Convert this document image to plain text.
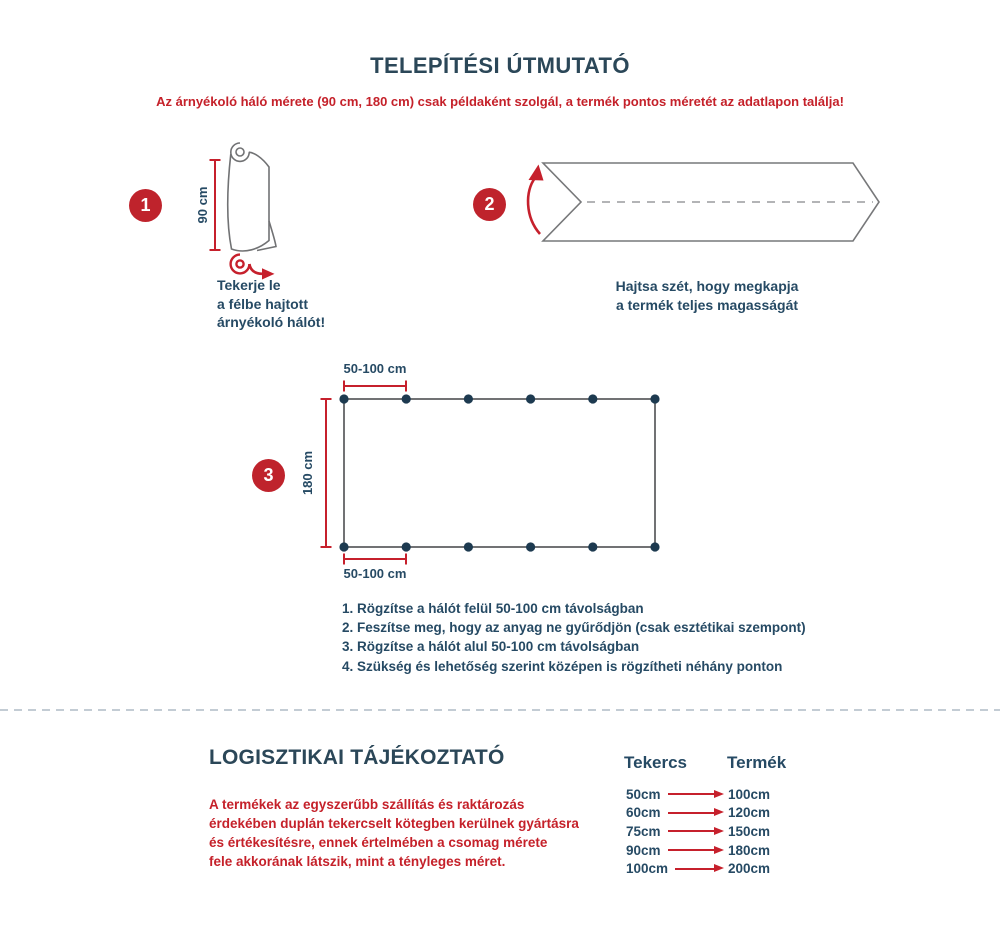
TELEPÍTÉSI ÚTMUTATÓ
Az árnyékoló háló mérete (90 cm, 180 cm) csak példaként szolgál, a termék pontos méretét az adatlapon találja!
1	90 cm
Tekerje le
a félbe hajtott
árnyékoló hálót!
2
Hajtsa szét, hogy megkapja
a termék teljes magasságát
3
50-100 cm
180 cm
50-100 cm
1. Rögzítse a hálót felül 50-100 cm távolságban
2. Feszítse meg, hogy az anyag ne gyűrődjön (csak esztétikai szempont)
3. Rögzítse a hálót alul 50-100 cm távolságban
4. Szükség és lehetőség szerint középen is rögzítheti néhány ponton
LOGISZTIKAI TÁJÉKOZTATÓ
A termékek az egyszerűbb szállítás és raktározás
érdekében duplán tekercselt kötegben kerülnek gyártásra
és értékesítésre, ennek értelmében a csomag mérete
fele akkorának látszik, mint a tényleges méret.
Tekercs Termék
50cm	100cm
60cm	120cm
75cm	150cm
90cm	180cm
100cm	200cm
